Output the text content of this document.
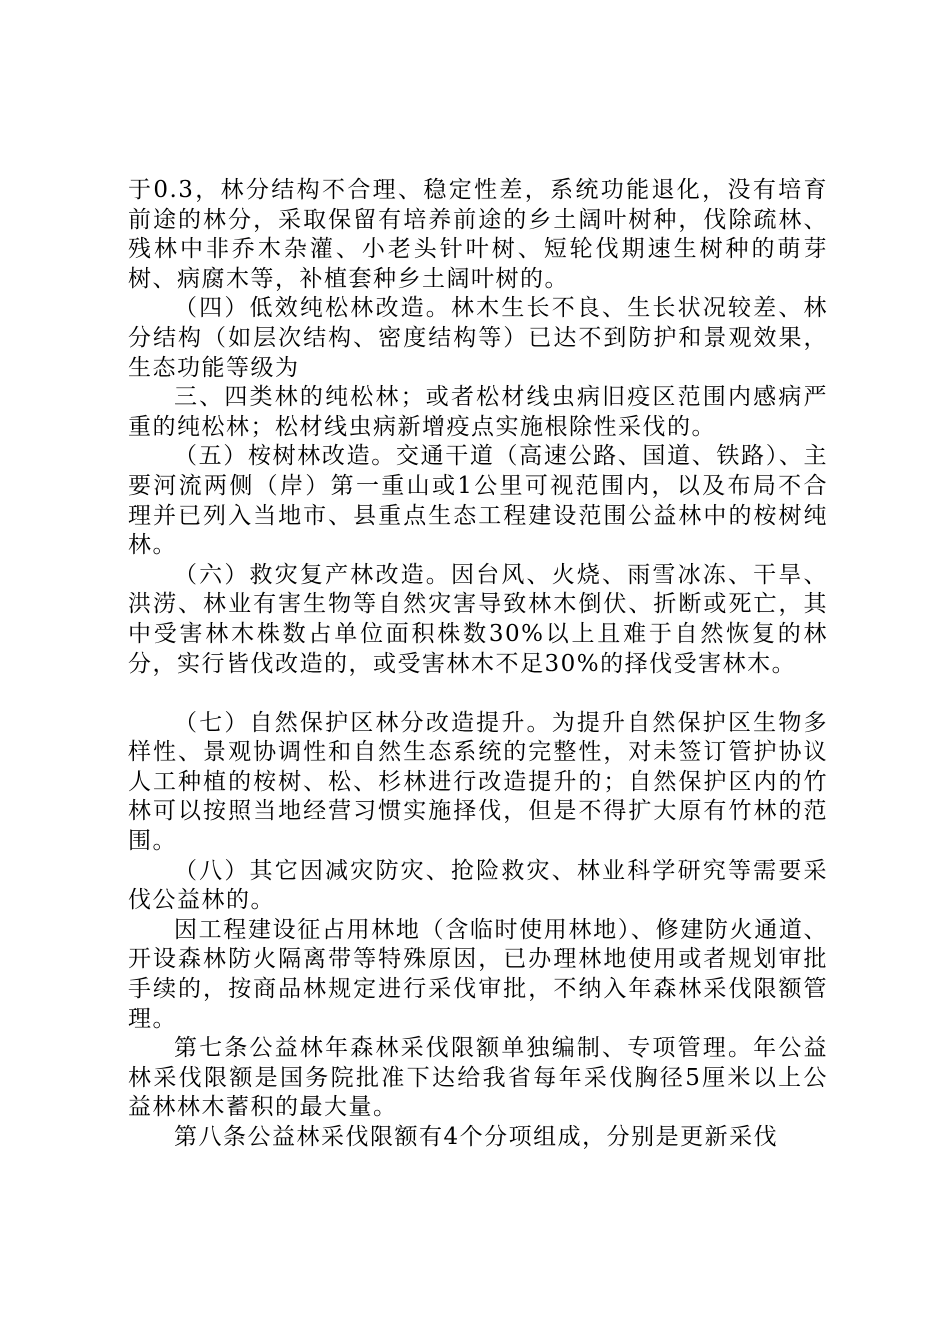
于0.3，林分结构不合理、稳定性差，系统功能退化，没有培育前途的林分，采取保留有培养前途的乡土阔叶树种，伐除疏林、残林中非乔木杂灌、小老头针叶树、短轮伐期速生树种的萌芽树、病腐木等，补植套种乡土阔叶树的。

（四）低效纯松林改造。林木生长不良、生长状况较差、林分结构（如层次结构、密度结构等）已达不到防护和景观效果，生态功能等级为

三、四类林的纯松林；或者松材线虫病旧疫区范围内感病严重的纯松林；松材线虫病新增疫点实施根除性采伐的。

（五）桉树林改造。交通干道（高速公路、国道、铁路）、主要河流两侧（岸）第一重山或1公里可视范围内，以及布局不合理并已列入当地市、县重点生态工程建设范围公益林中的桉树纯林。

（六）救灾复产林改造。因台风、火烧、雨雪冰冻、干旱、洪涝、林业有害生物等自然灾害导致林木倒伏、折断或死亡，其中受害林木株数占单位面积株数30%以上且难于自然恢复的林分，实行皆伐改造的，或受害林木不足30%的择伐受害林木。

（七）自然保护区林分改造提升。为提升自然保护区生物多样性、景观协调性和自然生态系统的完整性，对未签订管护协议人工种植的桉树、松、杉林进行改造提升的；自然保护区内的竹林可以按照当地经营习惯实施择伐，但是不得扩大原有竹林的范围。

（八）其它因减灾防灾、抢险救灾、林业科学研究等需要采伐公益林的。

因工程建设征占用林地（含临时使用林地）、修建防火通道、开设森林防火隔离带等特殊原因，已办理林地使用或者规划审批手续的，按商品林规定进行采伐审批，不纳入年森林采伐限额管理。

第七条公益林年森林采伐限额单独编制、专项管理。年公益林采伐限额是国务院批准下达给我省每年采伐胸径5厘米以上公益林林木蓄积的最大量。

第八条公益林采伐限额有4个分项组成，分别是更新采伐
